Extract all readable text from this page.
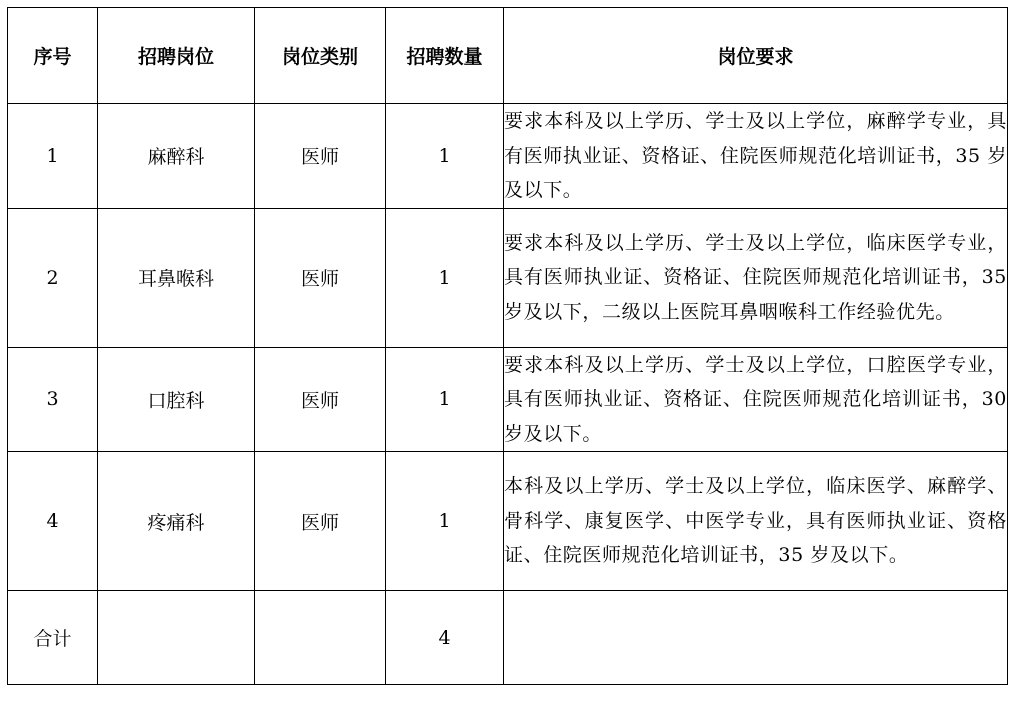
序号	招聘岗位	岗位类别	招聘数量	岗位要求
1	麻醉科	医师	1	要求本科及以上学历、学士及以上学位，麻醉学专业，具有医师执业证、资格证、住院医师规范化培训证书，35 岁及以下。
2	耳鼻喉科	医师	1	要求本科及以上学历、学士及以上学位，临床医学专业，具有医师执业证、资格证、住院医师规范化培训证书，35 岁及以下，二级以上医院耳鼻咽喉科工作经验优先。
3	口腔科	医师	1	要求本科及以上学历、学士及以上学位，口腔医学专业，具有医师执业证、资格证、住院医师规范化培训证书，30 岁及以下。
4	疼痛科	医师	1	本科及以上学历、学士及以上学位，临床医学、麻醉学、骨科学、康复医学、中医学专业，具有医师执业证、资格证、住院医师规范化培训证书，35 岁及以下。
合计			4	
